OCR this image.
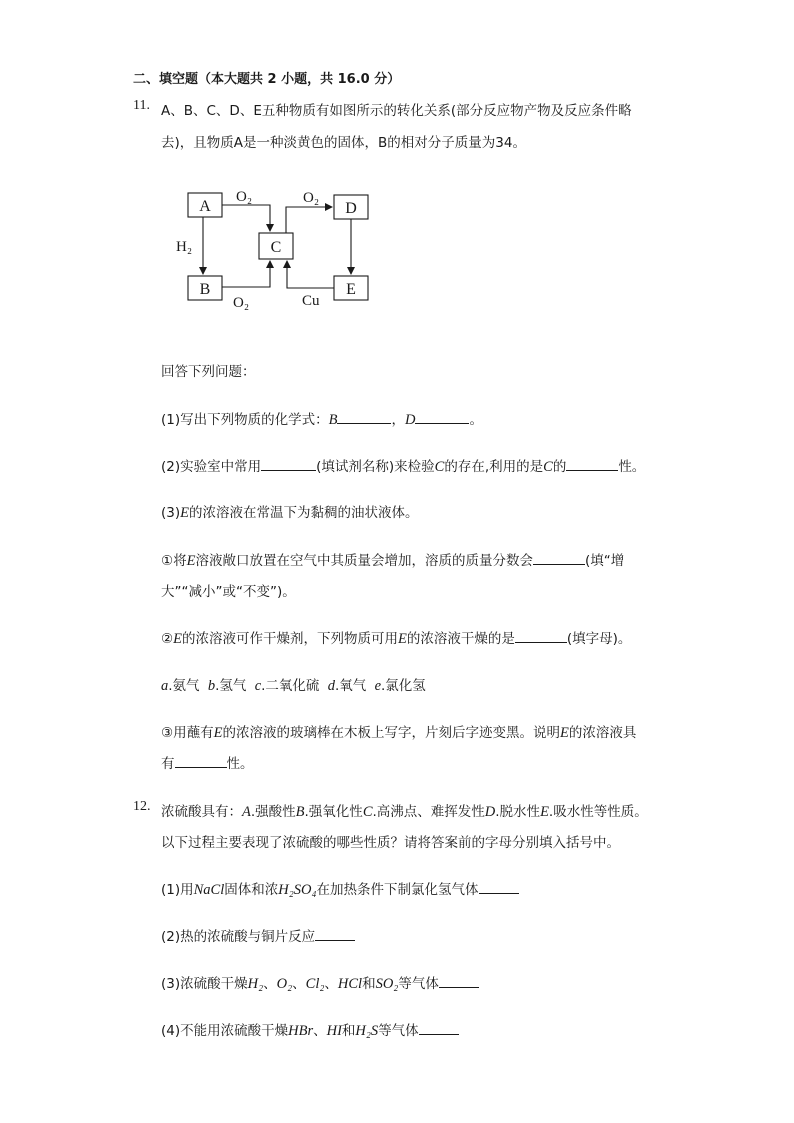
二、填空题（本大题共 2 小题，共 16.0 分）
11. A、B、C、D、E五种物质有如图所示的转化关系(部分反应物产物及反应条件略
去)，且物质A是一种淡黄色的固体，B的相对分子质量为34。
A
B
C
D
E
O₂	O₂
H₂
O₂	Cu
回答下列问题：
(1)写出下列物质的化学式：B	，D	。
(2)实验室中常用	(填试剂名称)来检验C的存在,利用的是C的	性。
(3)E的浓溶液在常温下为黏稠的油状液体。
①将E溶液敞口放置在空气中其质量会增加，溶质的质量分数会	(填“增
大”“减小”或“不变”)。
②E的浓溶液可作干燥剂，下列物质可用E的浓溶液干燥的是	(填字母)。
a.氨气 b.氢气 c.二氧化硫 d.氧气 e.氯化氢
③用蘸有E的浓溶液的玻璃棒在木板上写字，片刻后字迹变黑。说明E的浓溶液具
有	性。
12. 浓硫酸具有：A.强酸性B.强氧化性C.高沸点、难挥发性D.脱水性E.吸水性等性质。
以下过程主要表现了浓硫酸的哪些性质？请将答案前的字母分别填入括号中。
(1)用NaCl固体和浓H₂SO₄在加热条件下制氯化氢气体
(2)热的浓硫酸与铜片反应
(3)浓硫酸干燥H₂、O₂、Cl₂、HCl和SO₂等气体
(4)不能用浓硫酸干燥HBr、HI和H₂S等气体
